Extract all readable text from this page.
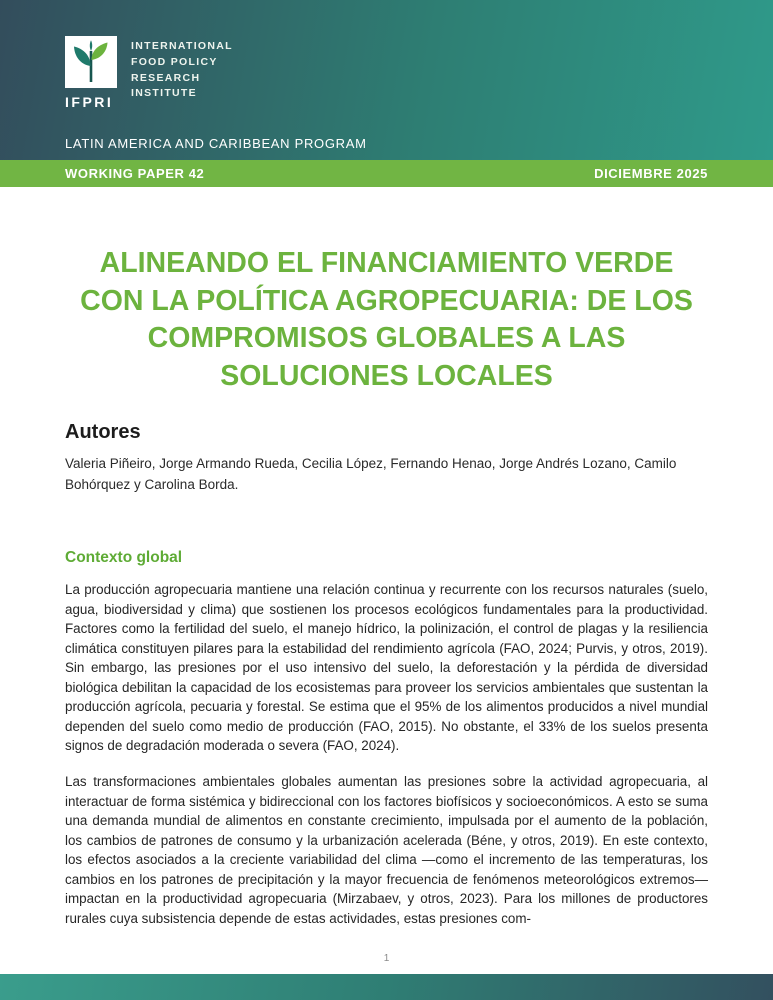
IFPRI
INTERNATIONAL
FOOD POLICY
RESEARCH
INSTITUTE
LATIN AMERICA AND CARIBBEAN PROGRAM
WORKING PAPER 42	DICIEMBRE 2025
ALINEANDO EL FINANCIAMIENTO VERDE CON LA POLÍTICA AGROPECUARIA: DE LOS COMPROMISOS GLOBALES A LAS SOLUCIONES LOCALES
Autores

Valeria Piñeiro, Jorge Armando Rueda, Cecilia López, Fernando Henao, Jorge Andrés Lozano, Camilo Bohórquez y Carolina Borda.

Contexto global

La producción agropecuaria mantiene una relación continua y recurrente con los recursos naturales (suelo, agua, biodiversidad y clima) que sostienen los procesos ecológicos fundamentales para la productividad. Factores como la fertilidad del suelo, el manejo hídrico, la polinización, el control de plagas y la resiliencia climática constituyen pilares para la estabilidad del rendimiento agrícola (FAO, 2024; Purvis, y otros, 2019). Sin embargo, las presiones por el uso intensivo del suelo, la deforestación y la pérdida de diversidad biológica debilitan la capacidad de los ecosistemas para proveer los servicios ambientales que sustentan la producción agrícola, pecuaria y forestal. Se estima que el 95% de los alimentos producidos a nivel mundial dependen del suelo como medio de producción (FAO, 2015). No obstante, el 33% de los suelos presenta signos de degradación moderada o severa (FAO, 2024).

Las transformaciones ambientales globales aumentan las presiones sobre la actividad agropecuaria, al interactuar de forma sistémica y bidireccional con los factores biofísicos y socioeconómicos. A esto se suma una demanda mundial de alimentos en constante crecimiento, impulsada por el aumento de la población, los cambios de patrones de consumo y la urbanización acelerada (Béne, y otros, 2019). En este contexto, los efectos asociados a la creciente variabilidad del clima —como el incremento de las temperaturas, los cambios en los patrones de precipitación y la mayor frecuencia de fenómenos meteorológicos extremos— impactan en la productividad agropecuaria (Mirzabaev, y otros, 2023). Para los millones de productores rurales cuya subsistencia depende de estas actividades, estas presiones com-

1
